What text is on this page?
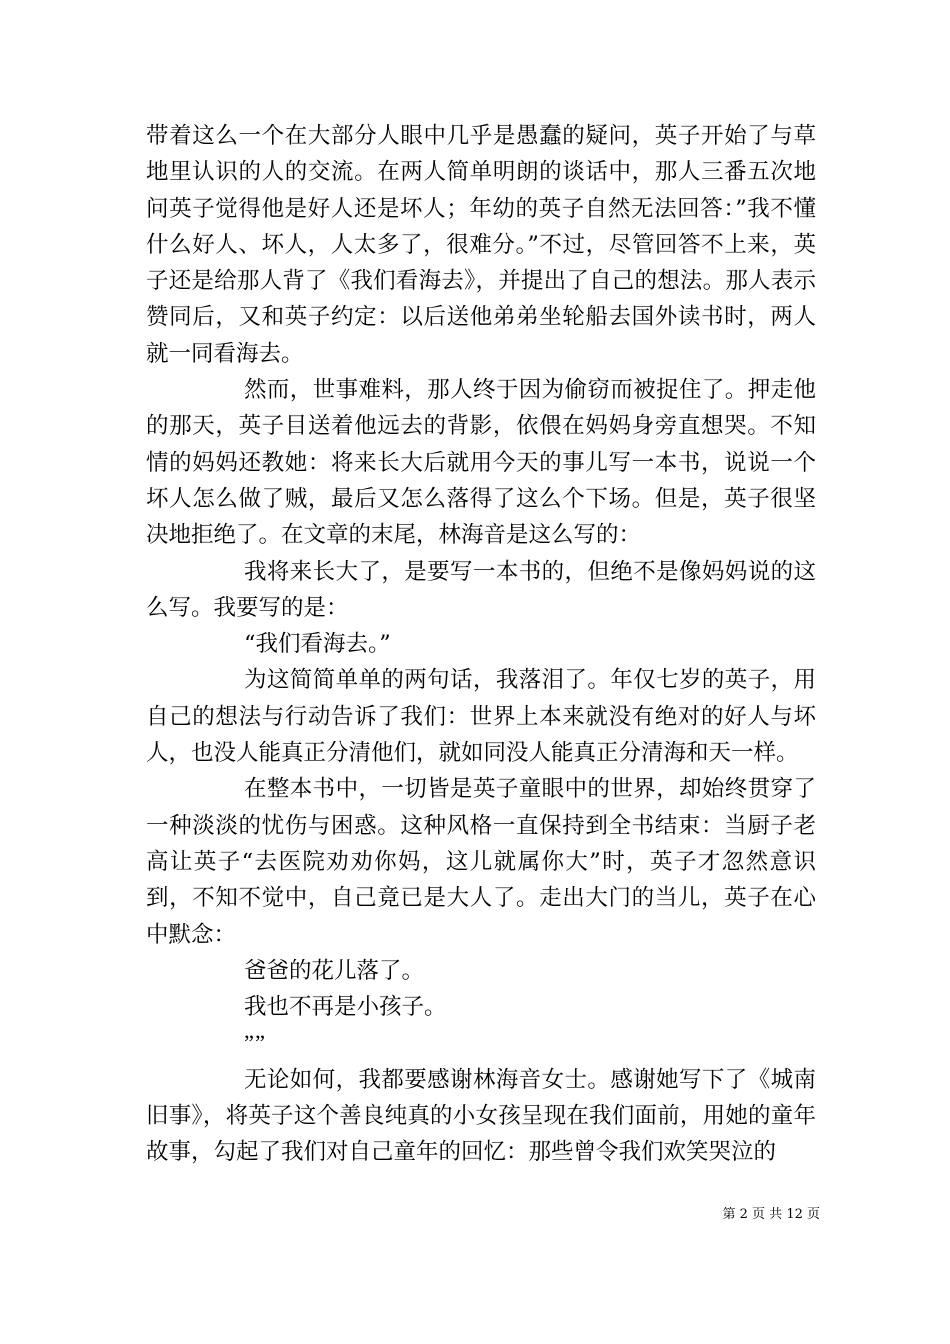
带着这么一个在大部分人眼中几乎是愚蠢的疑问，英子开始了与草地里认识的人的交流。在两人简单明朗的谈话中，那人三番五次地问英子觉得他是好人还是坏人；年幼的英子自然无法回答：”我不懂什么好人、坏人，人太多了，很难分。”不过，尽管回答不上来，英子还是给那人背了《我们看海去》，并提出了自己的想法。那人表示赞同后，又和英子约定：以后送他弟弟坐轮船去国外读书时，两人就一同看海去。

然而，世事难料，那人终于因为偷窃而被捉住了。押走他的那天，英子目送着他远去的背影，依偎在妈妈身旁直想哭。不知情的妈妈还教她：将来长大后就用今天的事儿写一本书，说说一个坏人怎么做了贼，最后又怎么落得了这么个下场。但是，英子很坚决地拒绝了。在文章的末尾，林海音是这么写的：

我将来长大了，是要写一本书的，但绝不是像妈妈说的这么写。我要写的是：

“我们看海去。”

为这简简单单的两句话，我落泪了。年仅七岁的英子，用自己的想法与行动告诉了我们：世界上本来就没有绝对的好人与坏人，也没人能真正分清他们，就如同没人能真正分清海和天一样。

在整本书中，一切皆是英子童眼中的世界，却始终贯穿了一种淡淡的忧伤与困惑。这种风格一直保持到全书结束：当厨子老高让英子“去医院劝劝你妈，这儿就属你大”时，英子才忽然意识到，不知不觉中，自己竟已是大人了。走出大门的当儿，英子在心中默念：

爸爸的花儿落了。

我也不再是小孩子。

””

无论如何，我都要感谢林海音女士。感谢她写下了《城南旧事》，将英子这个善良纯真的小女孩呈现在我们面前，用她的童年故事，勾起了我们对自己童年的回忆：那些曾令我们欢笑哭泣的

第 2 页 共 12 页
